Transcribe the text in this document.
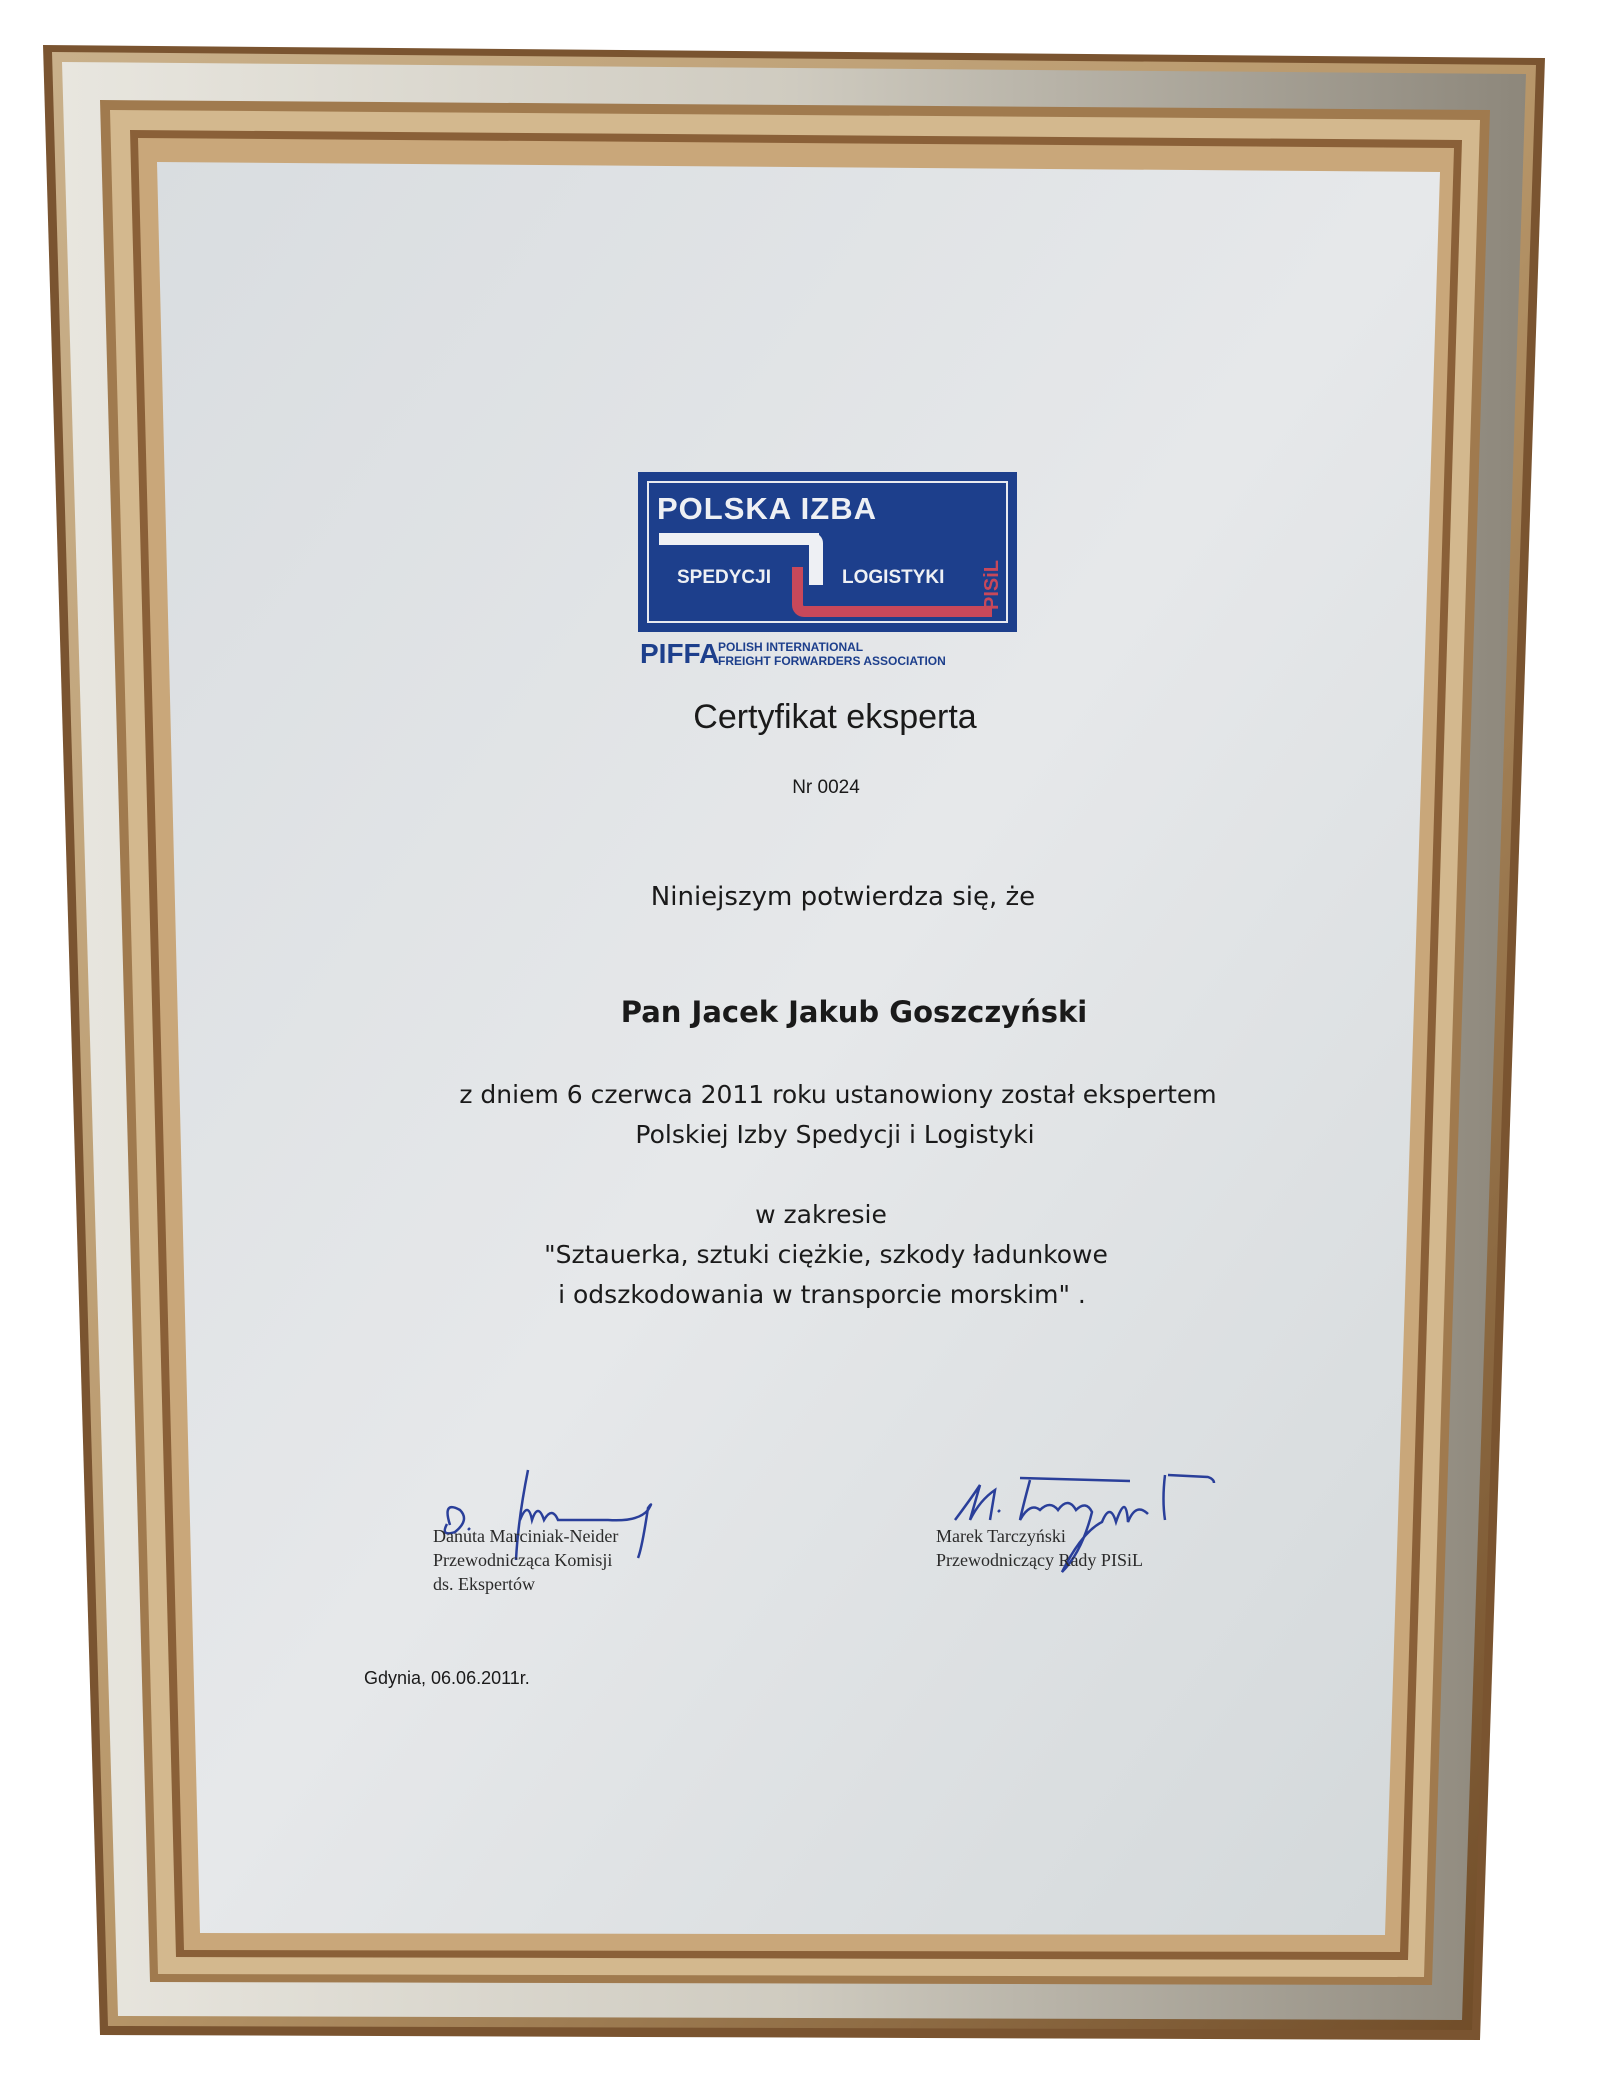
POLSKA IZBA
SPEDYCJI	LOGISTYKI PISiL
PIFFA
POLISH INTERNATIONAL
FREIGHT FORWARDERS ASSOCIATION
Certyfikat eksperta
Nr 0024
Niniejszym potwierdza się, że
Pan Jacek Jakub Goszczyński
z dniem 6 czerwca 2011 roku ustanowiony został ekspertem
Polskiej Izby Spedycji i Logistyki
w zakresie
"Sztauerka, sztuki ciężkie, szkody ładunkowe
i odszkodowania w transporcie morskim" .
Danuta Marciniak-Neider
Przewodnicząca Komisji
ds. Ekspertów
Marek Tarczyński
Przewodniczący Rady PISiL
Gdynia, 06.06.2011r.
